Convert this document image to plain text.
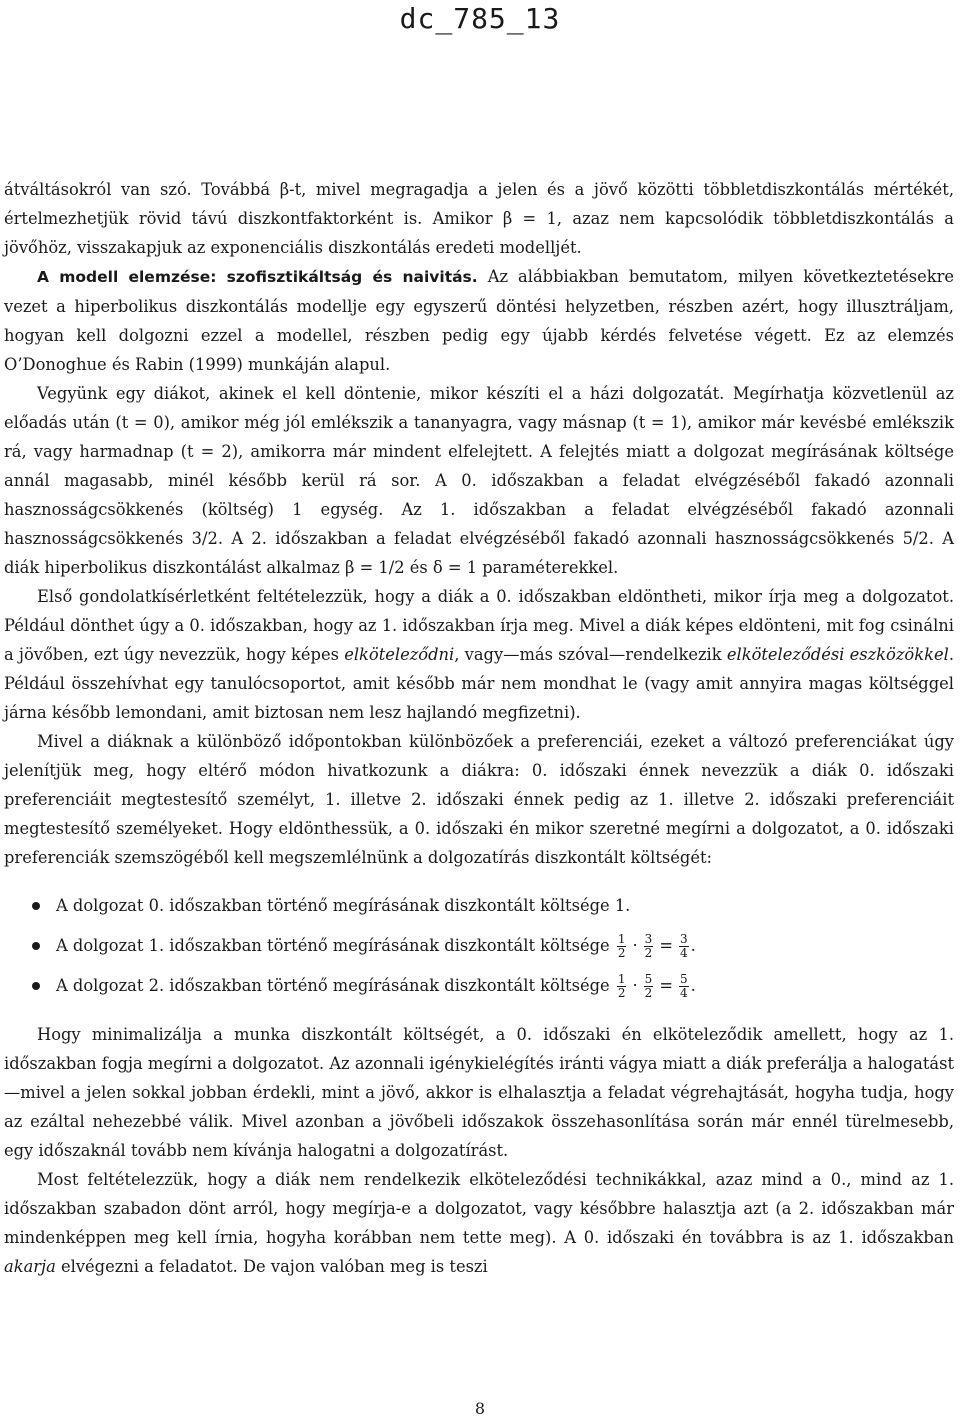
dc_785_13

átváltásokról van szó. Továbbá β-t, mivel megragadja a jelen és a jövő közötti többletdiszkontálás mértékét, értelmezhetjük rövid távú diszkontfaktorként is. Amikor β = 1, azaz nem kapcsolódik többletdiszkontálás a jövőhöz, visszakapjuk az exponenciális diszkontálás eredeti modelljét.

A modell elemzése: szofisztikáltság és naivitás. Az alábbiakban bemutatom, milyen következtetésekre vezet a hiperbolikus diszkontálás modellje egy egyszerű döntési helyzetben, részben azért, hogy illusztráljam, hogyan kell dolgozni ezzel a modellel, részben pedig egy újabb kérdés felvetése végett. Ez az elemzés O’Donoghue és Rabin (1999) munkáján alapul.

Vegyünk egy diákot, akinek el kell döntenie, mikor készíti el a házi dolgozatát. Megírhatja közvetlenül az előadás után (t = 0), amikor még jól emlékszik a tananyagra, vagy másnap (t = 1), amikor már kevésbé emlékszik rá, vagy harmadnap (t = 2), amikorra már mindent elfelejtett. A felejtés miatt a dolgozat megírásának költsége annál magasabb, minél később kerül rá sor. A 0. időszakban a feladat elvégzéséből fakadó azonnali hasznosságcsökkenés (költség) 1 egység. Az 1. időszakban a feladat elvégzéséből fakadó azonnali hasznosságcsökkenés 3/2. A 2. időszakban a feladat elvégzéséből fakadó azonnali hasznosságcsökkenés 5/2. A diák hiperbolikus diszkontálást alkalmaz β = 1/2 és δ = 1 paraméterekkel.

Első gondolatkísérletként feltételezzük, hogy a diák a 0. időszakban eldöntheti, mikor írja meg a dolgozatot. Például dönthet úgy a 0. időszakban, hogy az 1. időszakban írja meg. Mivel a diák képes eldönteni, mit fog csinálni a jövőben, ezt úgy nevezzük, hogy képes elköteleződni, vagy—más szóval—rendelkezik elköteleződési eszközökkel. Például összehívhat egy tanulócsoportot, amit később már nem mondhat le (vagy amit annyira magas költséggel járna később lemondani, amit biztosan nem lesz hajlandó megfizetni).

Mivel a diáknak a különböző időpontokban különbözőek a preferenciái, ezeket a változó preferenciákat úgy jelenítjük meg, hogy eltérő módon hivatkozunk a diákra: 0. időszaki énnek nevezzük a diák 0. időszaki preferenciáit megtestesítő személyt, 1. illetve 2. időszaki énnek pedig az 1. illetve 2. időszaki preferenciáit megtestesítő személyeket. Hogy eldönthessük, a 0. időszaki én mikor szeretné megírni a dolgozatot, a 0. időszaki preferenciák szemszögéből kell megszemlélnünk a dolgozatírás diszkontált költségét:

A dolgozat 0. időszakban történő megírásának diszkontált költsége 1.
A dolgozat 1. időszakban történő megírásának diszkontált költsége
$\frac{1}{2} \cdot \frac{3}{2} = \frac{3}{4}$ .
A dolgozat 2. időszakban történő megírásának diszkontált költsége
$\frac{1}{2} \cdot \frac{5}{2} = \frac{5}{4}$ .

Hogy minimalizálja a munka diszkontált költségét, a 0. időszaki én elköteleződik amellett, hogy az 1. időszakban fogja megírni a dolgozatot. Az azonnali igénykielégítés iránti vágya miatt a diák preferálja a halogatást—mivel a jelen sokkal jobban érdekli, mint a jövő, akkor is elhalasztja a feladat végrehajtását, hogyha tudja, hogy az ezáltal nehezebbé válik. Mivel azonban a jövőbeli időszakok összehasonlítása során már ennél türelmesebb, egy időszaknál tovább nem kívánja halogatni a dolgozatírást.

Most feltételezzük, hogy a diák nem rendelkezik elköteleződési technikákkal, azaz mind a 0., mind az 1. időszakban szabadon dönt arról, hogy megírja-e a dolgozatot, vagy későbbre halasztja azt (a 2. időszakban már mindenképpen meg kell írnia, hogyha korábban nem tette meg). A 0. időszaki én továbbra is az 1. időszakban akarja elvégezni a feladatot. De vajon valóban meg is teszi

8
